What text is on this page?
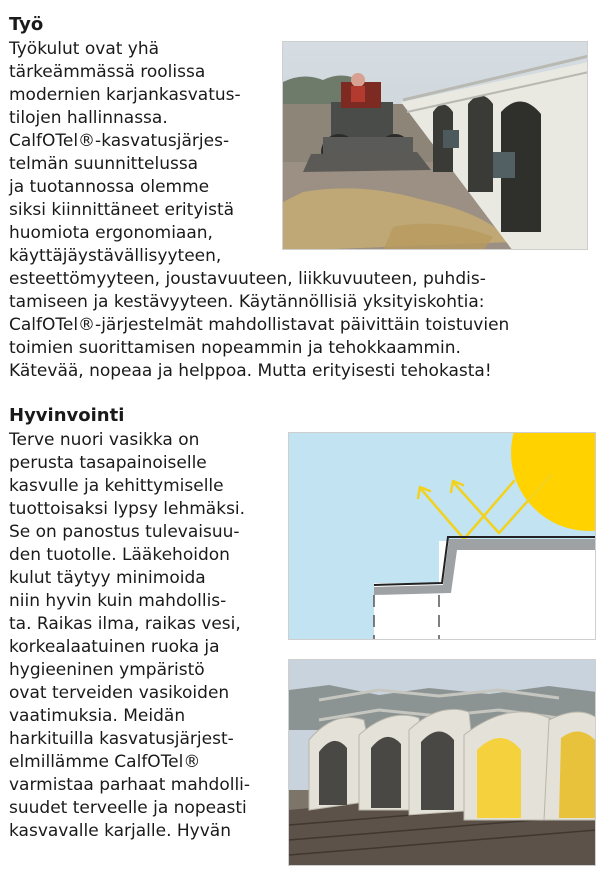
Työ

Työkulut ovat yhä

tärkeämmässä roolissa

modernien karjankasvatus-

tilojen hallinnassa.

CalfOTel®-kasvatusjärjes-

telmän suunnittelussa

ja tuotannossa olemme

siksi kiinnittäneet erityistä

huomiota ergonomiaan,

käyttäjäystävällisyyteen,

esteettömyyteen, joustavuuteen, liikkuvuuteen, puhdis-

tamiseen ja kestävyyteen. Käytännöllisiä yksityiskohtia:

CalfOTel®-järjestelmät mahdollistavat päivittäin toistuvien

toimien suorittamisen nopeammin ja tehokkaammin.

Kätevää, nopeaa ja helppoa. Mutta erityisesti tehokasta!

Hyvinvointi

Terve nuori vasikka on

perusta tasapainoiselle

kasvulle ja kehittymiselle

tuottoisaksi lypsy lehmäksi.

Se on panostus tulevaisuu-

den tuotolle. Lääkehoidon

kulut täytyy minimoida

niin hyvin kuin mahdollis-

ta. Raikas ilma, raikas vesi,

korkealaatuinen ruoka ja

hygieeninen ympäristö

ovat terveiden vasikoiden

vaatimuksia. Meidän

harkituilla kasvatusjärjest-

elmillämme CalfOTel®

varmistaa parhaat mahdolli-

suudet terveelle ja nopeasti

kasvavalle karjalle. Hyvän
